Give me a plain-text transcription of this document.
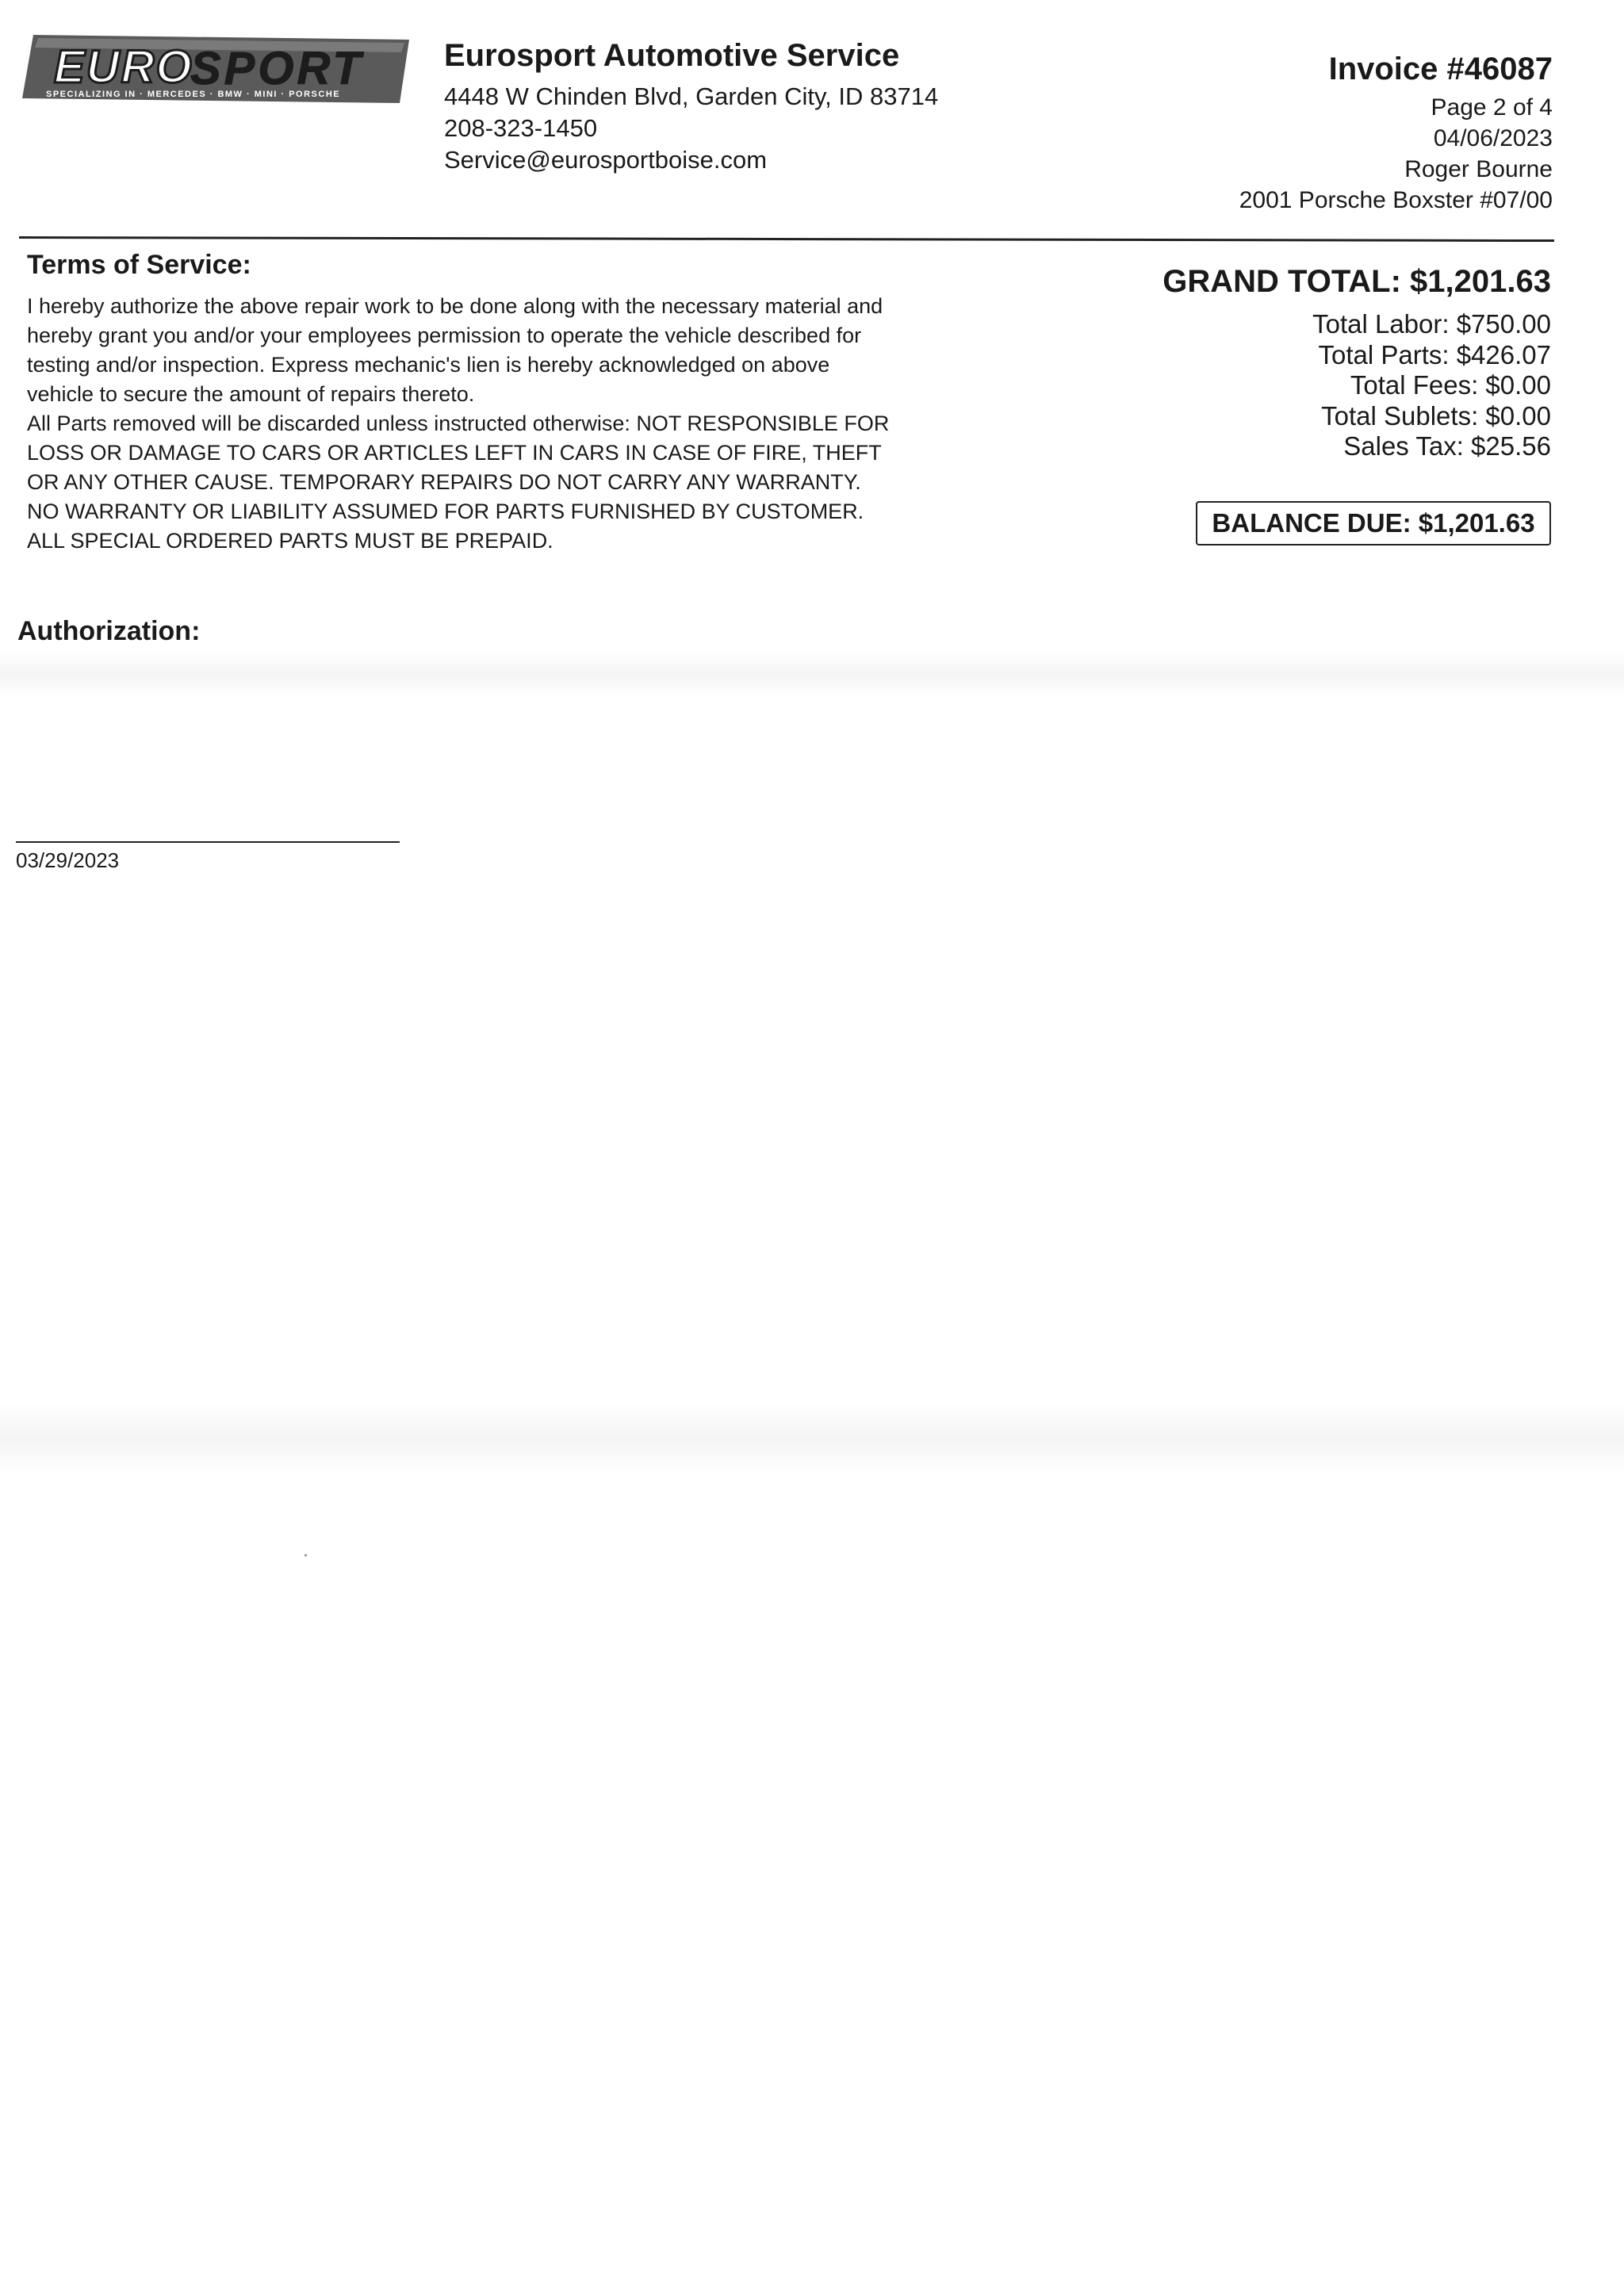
EURO
SPORT
SPECIALIZING IN · MERCEDES · BMW · MINI · PORSCHE

Eurosport Automotive Service

4448 W Chinden Blvd, Garden City, ID 83714

208-323-1450

Service@eurosportboise.com

Invoice #46087

Page 2 of 4

04/06/2023

Roger Bourne

2001 Porsche Boxster #07/00

Terms of Service:

I hereby authorize the above repair work to be done along with the necessary material and
hereby grant you and/or your employees permission to operate the vehicle described for
testing and/or inspection. Express mechanic's lien is hereby acknowledged on above
vehicle to secure the amount of repairs thereto.
All Parts removed will be discarded unless instructed otherwise: NOT RESPONSIBLE FOR
LOSS OR DAMAGE TO CARS OR ARTICLES LEFT IN CARS IN CASE OF FIRE, THEFT
OR ANY OTHER CAUSE. TEMPORARY REPAIRS DO NOT CARRY ANY WARRANTY.
NO WARRANTY OR LIABILITY ASSUMED FOR PARTS FURNISHED BY CUSTOMER.
ALL SPECIAL ORDERED PARTS MUST BE PREPAID.

GRAND TOTAL: $1,201.63

Total Labor: $750.00

Total Parts: $426.07

Total Fees: $0.00

Total Sublets: $0.00

Sales Tax: $25.56

BALANCE DUE: $1,201.63

Authorization:

03/29/2023
